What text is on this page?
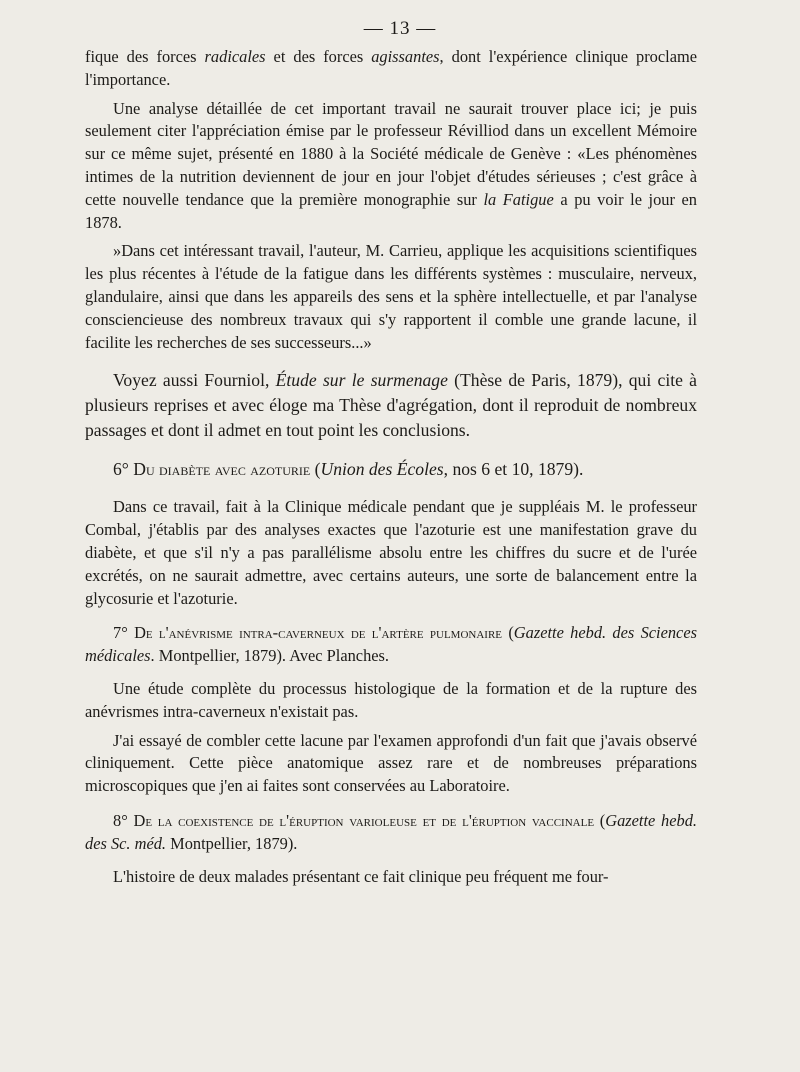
— 13 —

fique des forces radicales et des forces agissantes, dont l'expérience clinique proclame l'importance.

Une analyse détaillée de cet important travail ne saurait trouver place ici; je puis seulement citer l'appréciation émise par le professeur Révilliod dans un excellent Mémoire sur ce même sujet, présenté en 1880 à la Société médicale de Genève : «Les phénomènes intimes de la nutrition deviennent de jour en jour l'objet d'études sérieuses ; c'est grâce à cette nouvelle tendance que la première monographie sur la Fatigue a pu voir le jour en 1878.

»Dans cet intéressant travail, l'auteur, M. Carrieu, applique les acquisitions scientifiques les plus récentes à l'étude de la fatigue dans les différents systèmes : musculaire, nerveux, glandulaire, ainsi que dans les appareils des sens et la sphère intellectuelle, et par l'analyse consciencieuse des nombreux travaux qui s'y rapportent il comble une grande lacune, il facilite les recherches de ses successeurs...»

Voyez aussi Fourniol, Étude sur le surmenage (Thèse de Paris, 1879), qui cite à plusieurs reprises et avec éloge ma Thèse d'agrégation, dont il reproduit de nombreux passages et dont il admet en tout point les conclusions.

6° Du diabète avec azoturie (Union des Écoles, nos 6 et 10, 1879).

Dans ce travail, fait à la Clinique médicale pendant que je suppléais M. le professeur Combal, j'établis par des analyses exactes que l'azoturie est une manifestation grave du diabète, et que s'il n'y a pas parallélisme absolu entre les chiffres du sucre et de l'urée excrétés, on ne saurait admettre, avec certains auteurs, une sorte de balancement entre la glycosurie et l'azoturie.

7° De l'anévrisme intra-caverneux de l'artère pulmonaire (Gazette hebd. des Sciences médicales. Montpellier, 1879). Avec Planches.

Une étude complète du processus histologique de la formation et de la rupture des anévrismes intra-caverneux n'existait pas.

J'ai essayé de combler cette lacune par l'examen approfondi d'un fait que j'avais observé cliniquement. Cette pièce anatomique assez rare et de nombreuses préparations microscopiques que j'en ai faites sont conservées au Laboratoire.

8° De la coexistence de l'éruption varioleuse et de l'éruption vaccinale (Gazette hebd. des Sc. méd. Montpellier, 1879).

L'histoire de deux malades présentant ce fait clinique peu fréquent me four-
